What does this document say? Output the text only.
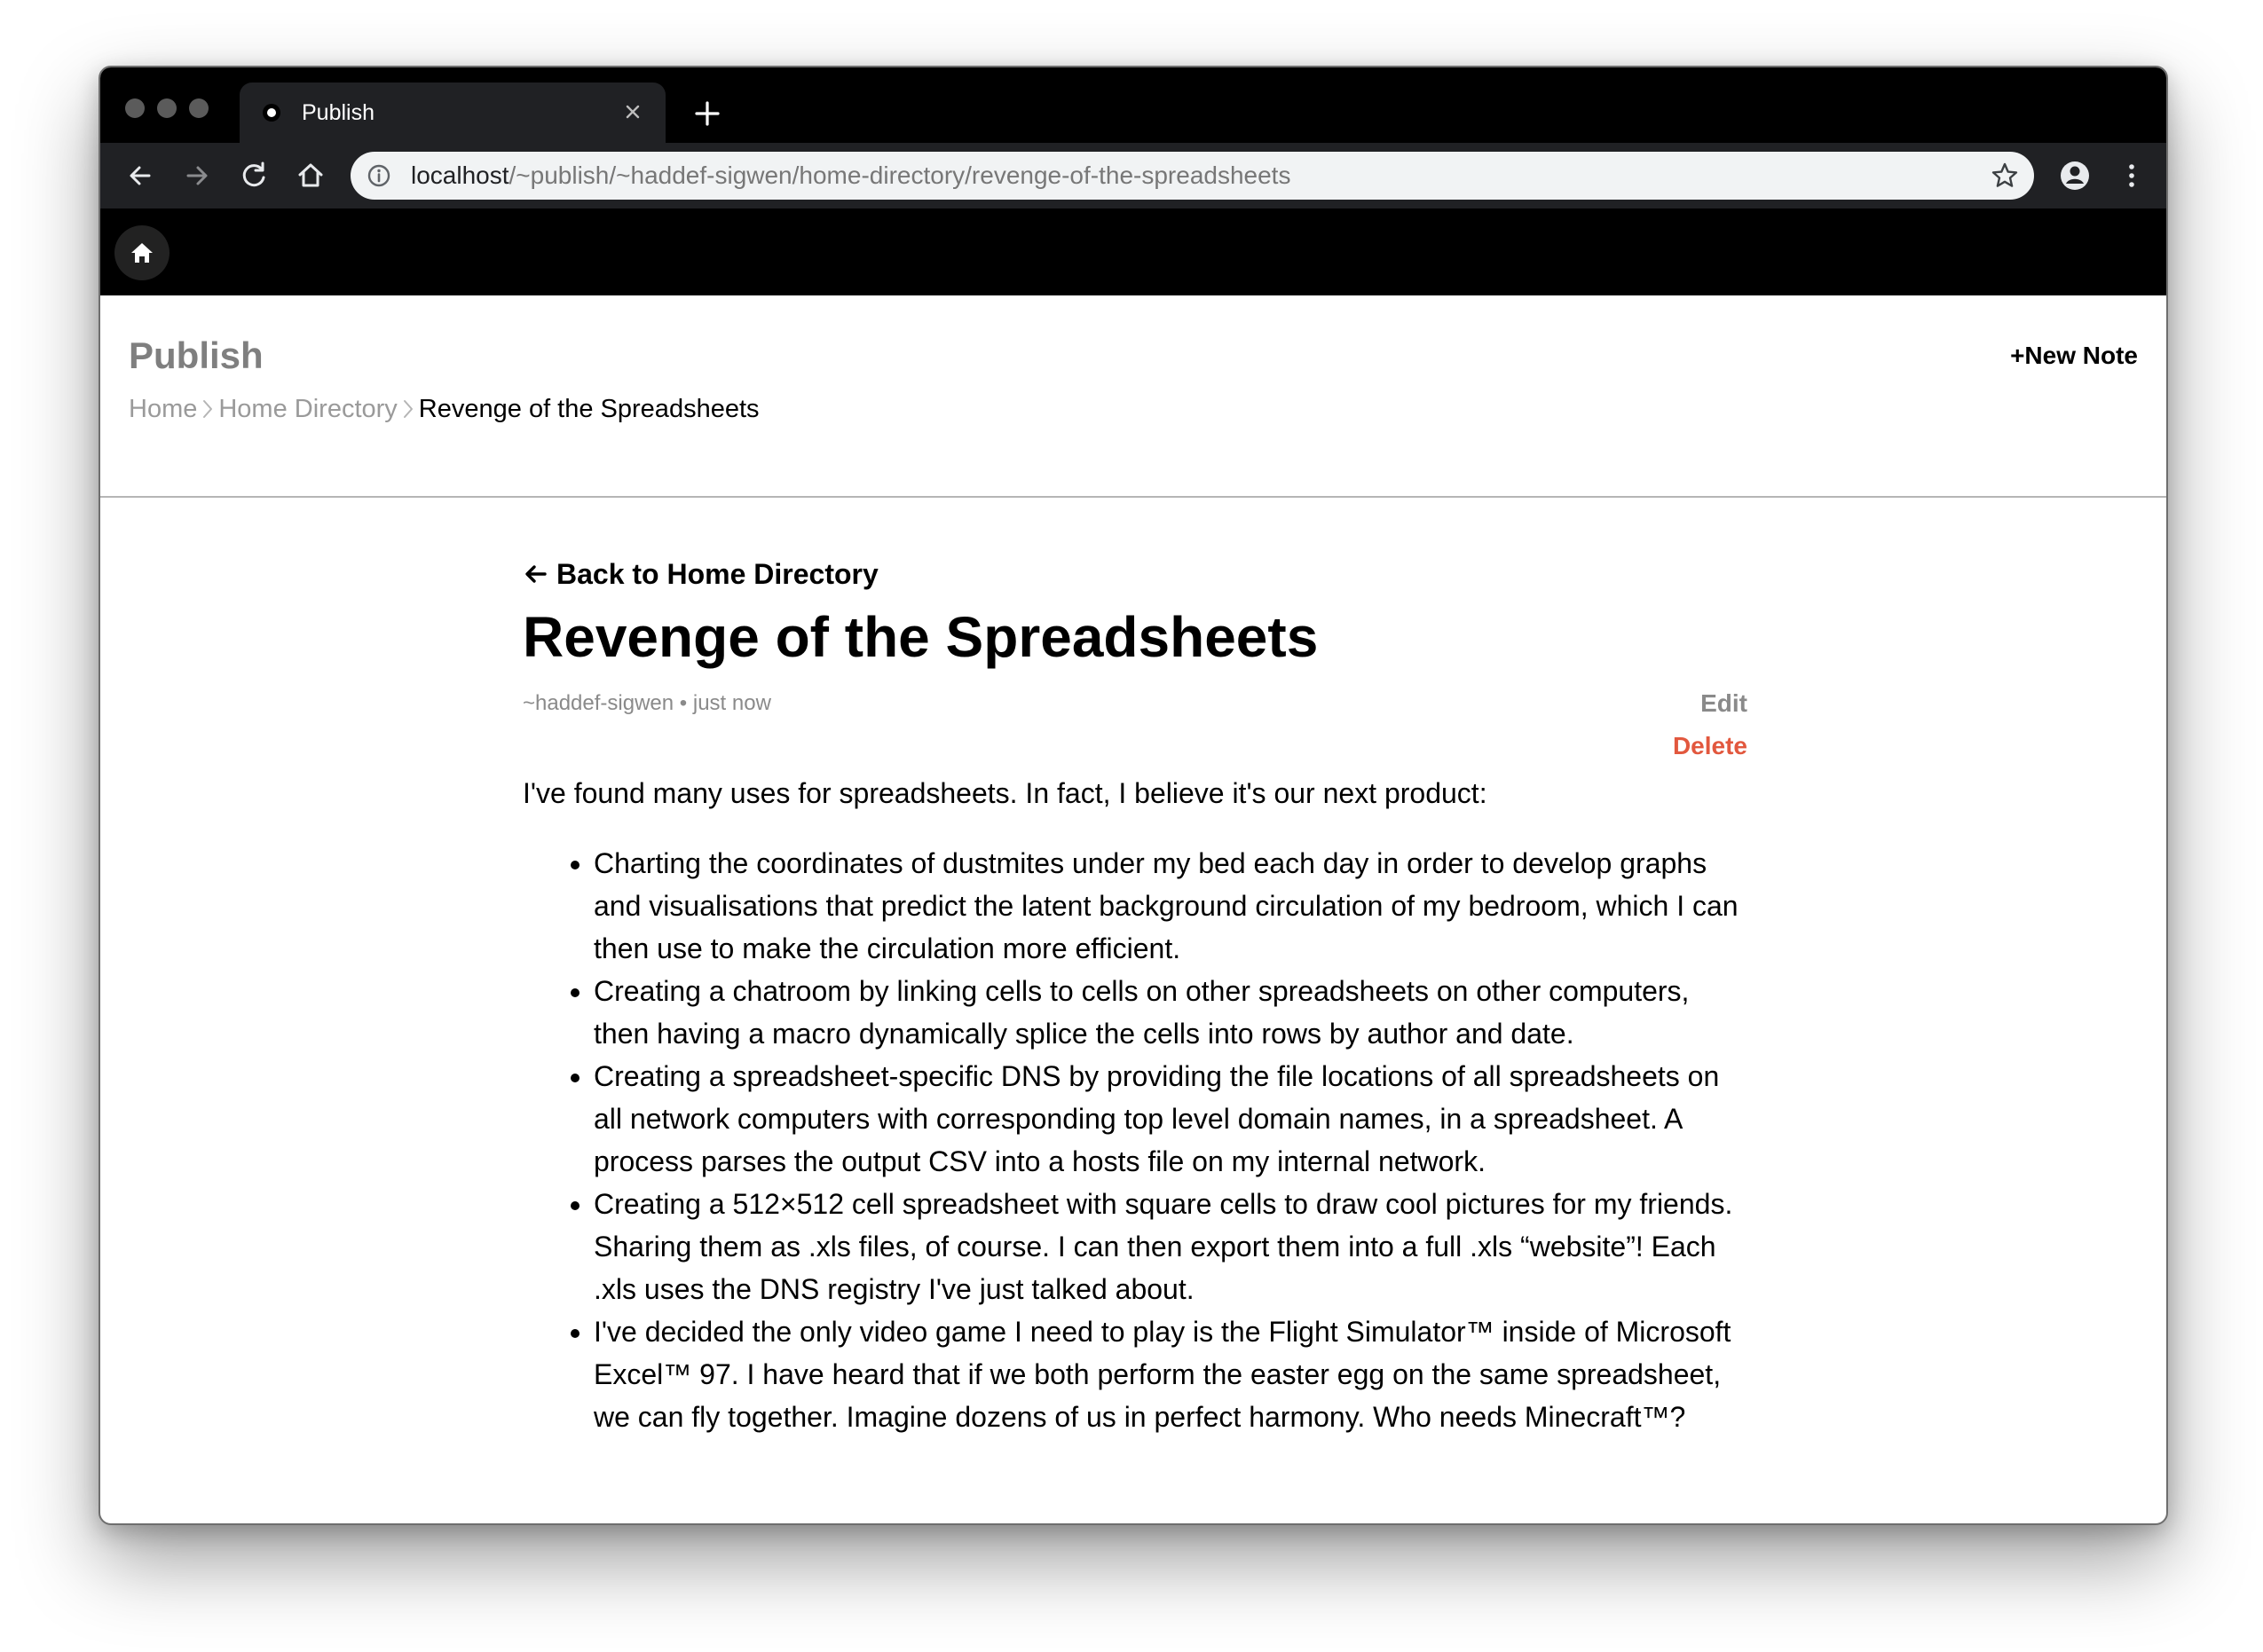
Publish
localhost/~publish/~haddef-sigwen/home-directory/revenge-of-the-spreadsheets
Publish	+New Note
Home Home Directory Revenge of the Spreadsheets
Back to Home Directory
Revenge of the Spreadsheets
~haddef-sigwen • just now	Edit
Delete

I've found many uses for spreadsheets. In fact, I believe it's our next product:

• Charting the coordinates of dustmites under my bed each day in order to develop graphs and visualisations that predict the latent background circulation of my bedroom, which I can then use to make the circulation more efficient.
• Creating a chatroom by linking cells to cells on other spreadsheets on other computers, then having a macro dynamically splice the cells into rows by author and date.
• Creating a spreadsheet-specific DNS by providing the file locations of all spreadsheets on all network computers with corresponding top level domain names, in a spreadsheet. A process parses the output CSV into a hosts file on my internal network.
• Creating a 512×512 cell spreadsheet with square cells to draw cool pictures for my friends. Sharing them as .xls files, of course. I can then export them into a full .xls “website”! Each .xls uses the DNS registry I've just talked about.
• I've decided the only video game I need to play is the Flight Simulator™ inside of Microsoft Excel™ 97. I have heard that if we both perform the easter egg on the same spreadsheet, we can fly together. Imagine dozens of us in perfect harmony. Who needs Minecraft™?
